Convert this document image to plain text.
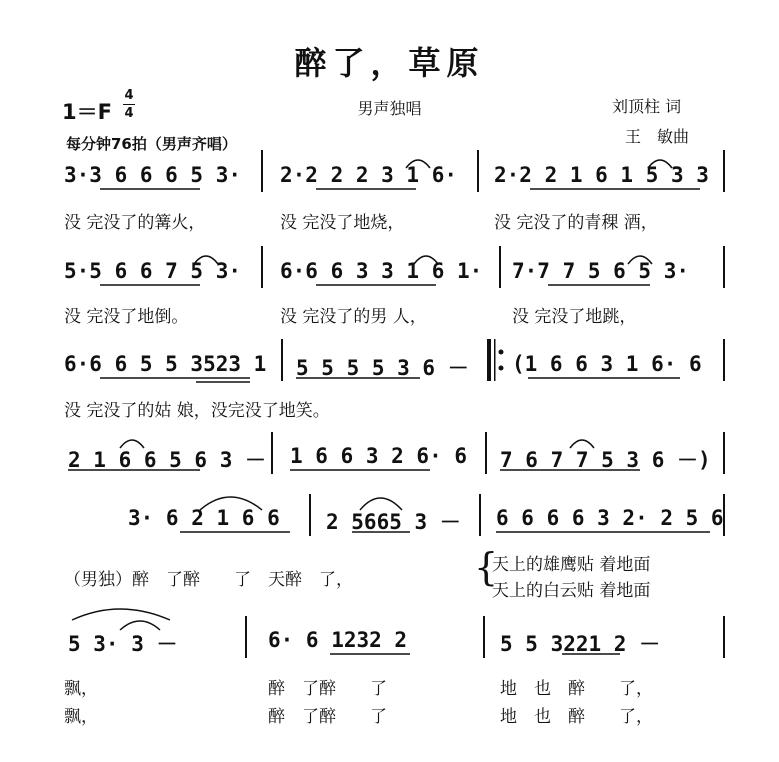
醉了，草原
1＝F
4
4	男声独唱	刘顶柱 词
王　敏曲
每分钟76拍（男声齐唱）
3·3 6 6 6 5 3· 2·2 2 2 3 1 6· 2·2 2 1 6 1 5 3 3
没 完没了的篝火，	没 完没了地烧，	没 完没了的青稞 酒，
5·5 6 6 7 5 3· 6·6 6 3 3 1 6 1· 7·7 7 5 6 5 3·
没 完没了地倒。	没 完没了的男 人，	没 完没了地跳，
6·6 6 5 5 3523 1 5 5 5 5 3 6 － (1 6 6 3 1 6· 6
没 完没了的姑 娘，没完没了地笑。
2 1 6 6 5 6 3 － 1 6 6 3 2 6· 6 7 6 7 7 5 3 6 －)
3· 6 2 1 6 6 2 5665 3 － 6 6 6 6 3 2· 2 5 6
（男独）醉　了醉　　了　天醉　了，
天上的雄鹰贴 着地面
天上的白云贴 着地面
{
5 3· 3 －	6· 6 1232 2	5 5 3221 2 －
飘，	醉　了醉　　了	地　也　醉　　了，
飘，	醉　了醉　　了	地　也　醉　　了，
